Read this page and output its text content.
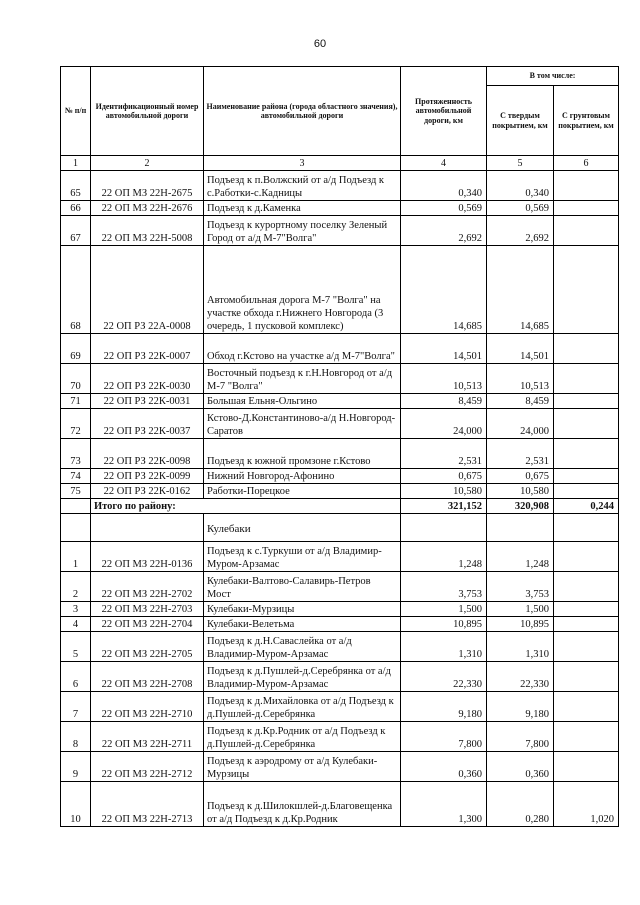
60
№ п/п	Идентификационный номер автомобильной дороги	Наименование района (города областного значения), автомобильной дороги	Протяженность автомобильной дороги, км	В том числе:	
				С твердым покрытием, км	С грунтовым покрытием, км
1	2	3	4	5	6
65	22 ОП МЗ 22Н-2675	Подъезд к п.Волжский от а/д Подъезд к с.Работки-с.Кадницы	0,340	0,340	
66	22 ОП МЗ 22Н-2676	Подъезд к д.Каменка	0,569	0,569	
67	22 ОП МЗ 22Н-5008	Подъезд к курортному поселку Зеленый Город от а/д М-7"Волга"	2,692	2,692	
68	22 ОП РЗ 22А-0008	Автомобильная дорога М-7 "Волга" на участке обхода г.Нижнего Новгорода (3 очередь, 1 пусковой комплекс)	14,685	14,685	
69	22 ОП РЗ 22К-0007	Обход г.Кстово на участке а/д М-7"Волга"	14,501	14,501	
70	22 ОП РЗ 22К-0030	Восточный подъезд к г.Н.Новгород от а/д М-7 "Волга"	10,513	10,513	
71	22 ОП РЗ 22К-0031	Большая Ельня-Ольгино	8,459	8,459	
72	22 ОП РЗ 22К-0037	Кстово-Д.Константиново-а/д Н.Новгород-Саратов	24,000	24,000	
73	22 ОП РЗ 22К-0098	Подъезд к южной промзоне г.Кстово	2,531	2,531	
74	22 ОП РЗ 22К-0099	Нижний Новгород-Афонино	0,675	0,675	
75	22 ОП РЗ 22К-0162	Работки-Порецкое	10,580	10,580	
	Итого по району:		321,152	320,908	0,244
		Кулебаки			
1	22 ОП МЗ 22Н-0136	Подъезд к с.Туркуши от а/д Владимир-Муром-Арзамас	1,248	1,248	
2	22 ОП МЗ 22Н-2702	Кулебаки-Валтово-Салавирь-Петров Мост	3,753	3,753	
3	22 ОП МЗ 22Н-2703	Кулебаки-Мурзицы	1,500	1,500	
4	22 ОП МЗ 22Н-2704	Кулебаки-Велетьма	10,895	10,895	
5	22 ОП МЗ 22Н-2705	Подъезд к д.Н.Саваслейка от а/д Владимир-Муром-Арзамас	1,310	1,310	
6	22 ОП МЗ 22Н-2708	Подъезд к д.Пушлей-д.Серебрянка от а/д Владимир-Муром-Арзамас	22,330	22,330	
7	22 ОП МЗ 22Н-2710	Подъезд к д.Михайловка от а/д Подъезд к д.Пушлей-д.Серебрянка	9,180	9,180	
8	22 ОП МЗ 22Н-2711	Подъезд к д.Кр.Родник от а/д Подъезд к д.Пушлей-д.Серебрянка	7,800	7,800	
9	22 ОП МЗ 22Н-2712	Подъезд к аэродрому от а/д Кулебаки-Мурзицы	0,360	0,360	
10	22 ОП МЗ 22Н-2713	Подъезд к д.Шилокшлей-д.Благовещенка от а/д Подъезд к д.Кр.Родник	1,300	0,280	1,020
